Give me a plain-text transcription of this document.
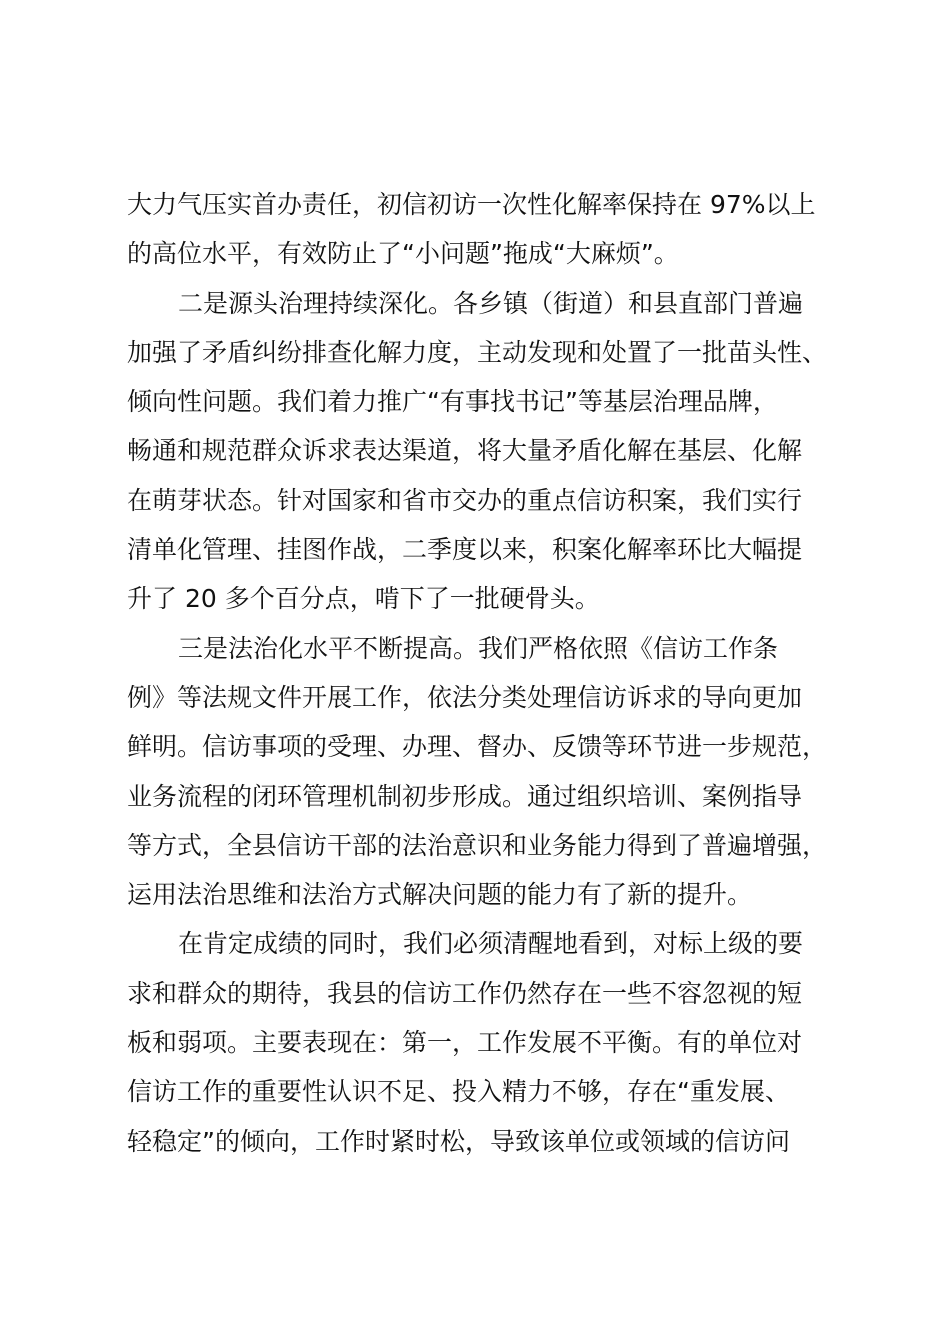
大力气压实首办责任，初信初访一次性化解率保持在 97%以上
的高位水平，有效防止了“小问题”拖成“大麻烦”。
二是源头治理持续深化。各乡镇（街道）和县直部门普遍
加强了矛盾纠纷排查化解力度，主动发现和处置了一批苗头性、
倾向性问题。我们着力推广“有事找书记”等基层治理品牌，
畅通和规范群众诉求表达渠道，将大量矛盾化解在基层、化解
在萌芽状态。针对国家和省市交办的重点信访积案，我们实行
清单化管理、挂图作战，二季度以来，积案化解率环比大幅提
升了 20 多个百分点，啃下了一批硬骨头。
三是法治化水平不断提高。我们严格依照《信访工作条
例》等法规文件开展工作，依法分类处理信访诉求的导向更加
鲜明。信访事项的受理、办理、督办、反馈等环节进一步规范，
业务流程的闭环管理机制初步形成。通过组织培训、案例指导
等方式，全县信访干部的法治意识和业务能力得到了普遍增强，
运用法治思维和法治方式解决问题的能力有了新的提升。
在肯定成绩的同时，我们必须清醒地看到，对标上级的要
求和群众的期待，我县的信访工作仍然存在一些不容忽视的短
板和弱项。主要表现在：第一，工作发展不平衡。有的单位对
信访工作的重要性认识不足、投入精力不够，存在“重发展、
轻稳定”的倾向，工作时紧时松，导致该单位或领域的信访问
